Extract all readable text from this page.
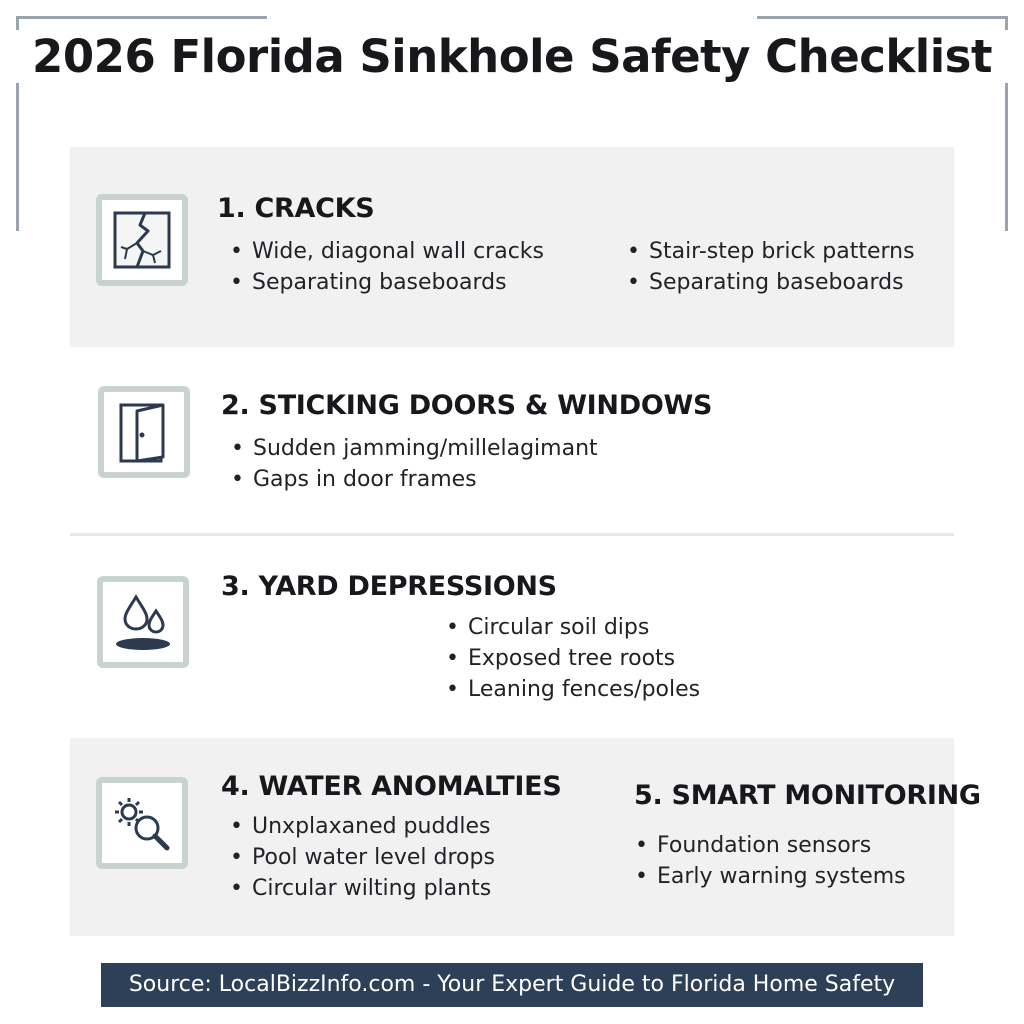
2026 Florida Sinkhole Safety Checklist
1. CRACKS
• Wide, diagonal wall cracks
• Separating baseboards
• Stair-step brick patterns
• Separating baseboards
2. STICKING DOORS & WINDOWS
• Sudden jamming/millelagimant
• Gaps in door frames
3. YARD DEPRESSIONS
• Circular soil dips
• Exposed tree roots
• Leaning fences/poles
4. WATER ANOMALTIES
• Unxplaxaned puddles
• Pool water level drops
• Circular wilting plants
5. SMART MONITORING
• Foundation sensors
• Early warning systems
Source: LocalBizzInfo.com - Your Expert Guide to Florida Home Safety
